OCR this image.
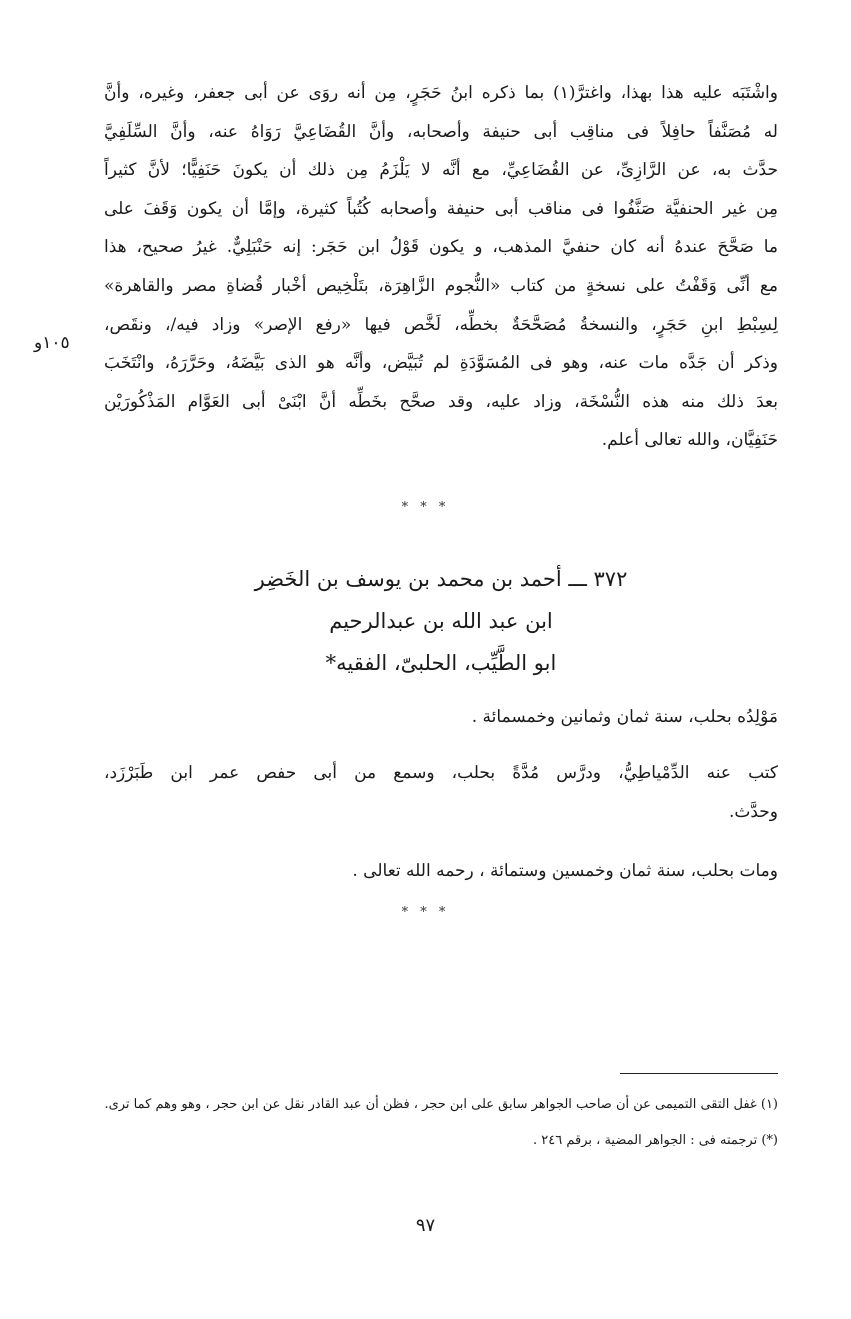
واشْتَبَه عليه هذا بهذا، واغترَّ(١) بما ذكره ابنُ حَجَرٍ، مِن أنه روَى عن أبى جعفر، وغيره، وأنَّ
له مُصَنَّفاً حافِلاً فى مناقِب أبى حنيفة وأصحابه، وأنَّ القُضَاعِيَّ رَوَاهُ عنه، وأنَّ السِّلَفِيَّ
حدَّث به، عن الرَّازِىِّ، عن القُضَاعِيِّ، مع أنَّه لا يَلْزَمُ مِن ذلك أن يكونَ حَنَفِيًّا؛ لأنَّ كثيراً
مِن غير الحنفيَّة صَنَّفُوا فى مناقب أبى حنيفة وأصحابه كُتُباً كثيرة، وإمَّا أن يكون وَقَفَ على
ما صَحَّحَ عندهُ أنه كان حنفيَّ المذهب، و يكون قَوْلُ ابن حَجَر: إنه حَنْبَلِيٌّ. غيرُ صحيح، هذا
مع أنِّى وَقَفْتُ على نسخةٍ من كتاب «النُّجوم الزَّاهِرَة، بتَلْخِيص أخْبار قُضاةِ مصر والقاهرة»
لِسِبْطِ ابنِ حَجَرٍ، والنسخةُ مُصَحَّحَةٌ بخطِّه، لَخَّص فيها «رفع الإصر» وزاد فيه/، ونقَص،
وذكر أن جَدَّه مات عنه، وهو فى المُسَوَّدَةِ لم تُبَيَّض، وأنَّه هو الذى بَيَّضَهُ، وحَرَّرَهُ، وانْتَخَبَ
بعدَ ذلك منه هذه النُّسْخَة، وزاد عليه، وقد صحَّح بخَطِّه أنَّ ابْنَىْ أبى العَوَّام المَذْكُورَيْن
حَنَفِيَّان، والله تعالى أعلم.
١٠٥و
* * *
٣٧٢ ـــ أحمد بن محمد بن يوسف بن الخَضِر
ابن عبد الله بن عبدالرحيم
ابو الطَّيِّب، الحلبىّ، الفقيه*
مَوْلِدُه بحلب، سنة ثمان وثمانين وخمسمائة .
كتب عنه الدِّمْياطِيُّ، ودرَّس مُدَّةً بحلب، وسمع من أبى حفص عمر ابن طَبَرْزَد،
وحدَّث.
ومات بحلب، سنة ثمان وخمسين وستمائة ، رحمه الله تعالى .
* * *
(١) غفل التقى التميمى عن أن صاحب الجواهر سابق على ابن حجر ، فظن أن عبد القادر نقل عن ابن حجر ، وهو وهم كما ترى.
(*) ترجمته فى : الجواهر المضية ، برقم ٢٤٦ .
٩٧
